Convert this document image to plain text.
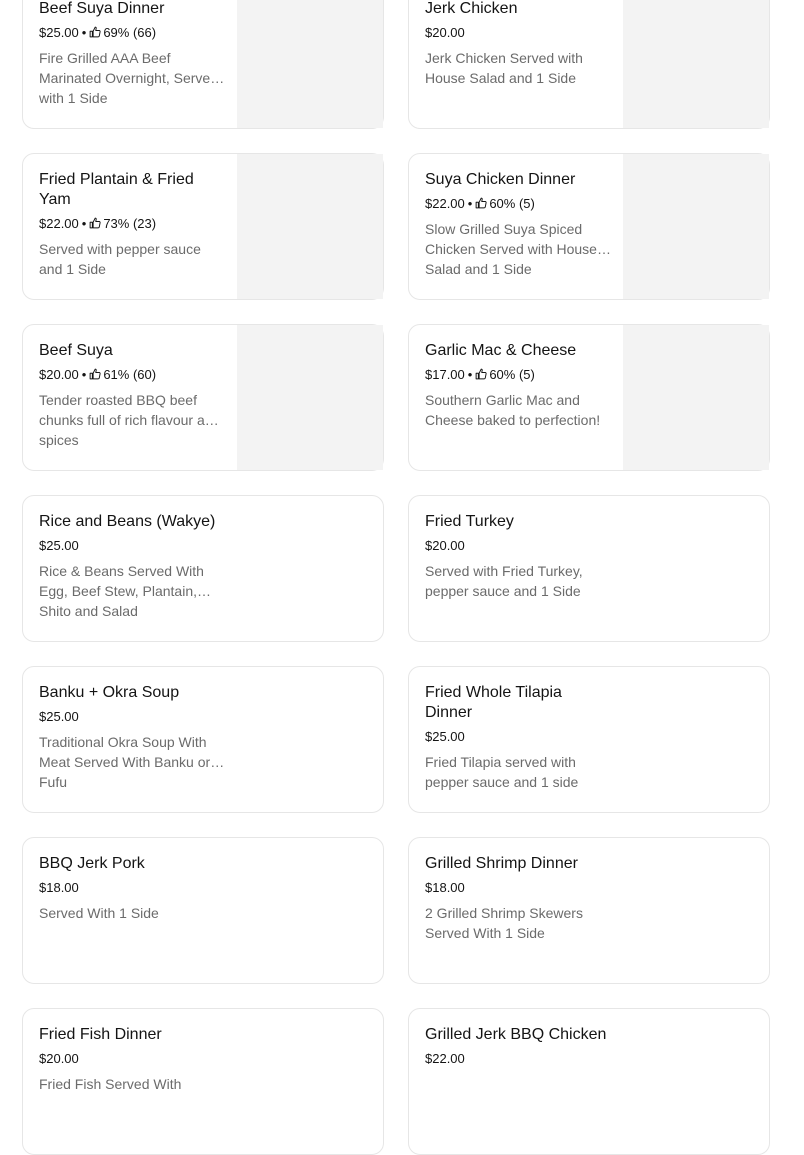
Beef Suya Dinner
$25.00 • 69% (66)
Fire Grilled AAA Beef Marinated Overnight, Served with 1 Side
Jerk Chicken
$20.00
Jerk Chicken Served with House Salad and 1 Side
Fried Plantain & Fried Yam
$22.00 • 73% (23)
Served with pepper sauce and 1 Side
Suya Chicken Dinner
$22.00 • 60% (5)
Slow Grilled Suya Spiced Chicken Served with House Salad and 1 Side
Beef Suya
$20.00 • 61% (60)
Tender roasted BBQ beef chunks full of rich flavour and spices
Garlic Mac & Cheese
$17.00 • 60% (5)
Southern Garlic Mac and Cheese baked to perfection!
Rice and Beans (Wakye)
$25.00
Rice & Beans Served With Egg, Beef Stew, Plantain, Shito and Salad
Fried Turkey
$20.00
Served with Fried Turkey, pepper sauce and 1 Side
Banku + Okra Soup
$25.00
Traditional Okra Soup With Meat Served With Banku or Fufu
Fried Whole Tilapia Dinner
$25.00
Fried Tilapia served with pepper sauce and 1 side
BBQ Jerk Pork
$18.00
Served With 1 Side
Grilled Shrimp Dinner
$18.00
2 Grilled Shrimp Skewers Served With 1 Side
Fried Fish Dinner
$20.00
Fried Fish Served With
Grilled Jerk BBQ Chicken
$22.00
